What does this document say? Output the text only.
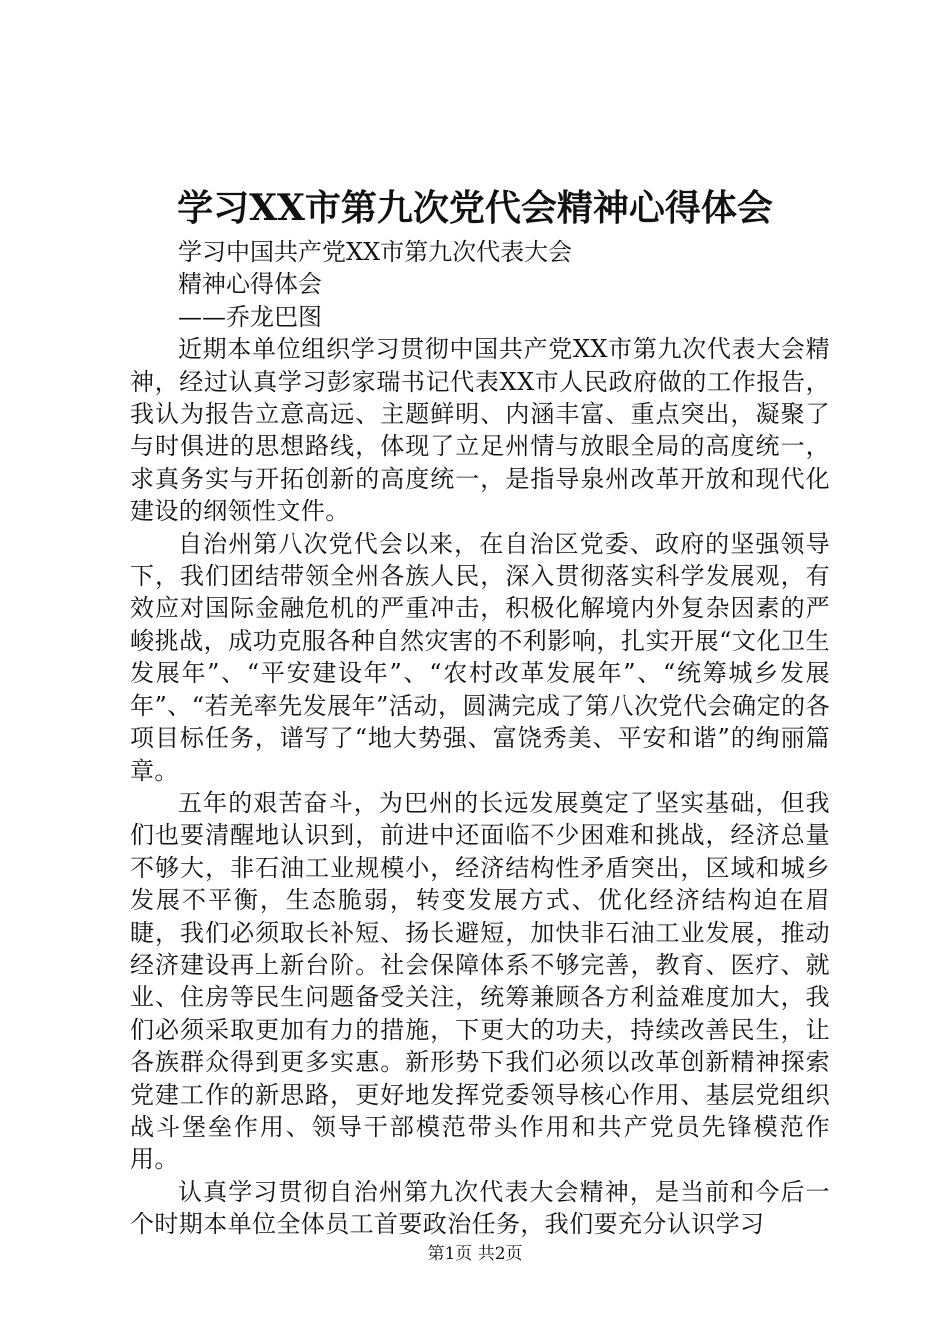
学习XX市第九次党代会精神心得体会

学习中国共产党XX市第九次代表大会

精神心得体会

——乔龙巴图

近期本单位组织学习贯彻中国共产党XX市第九次代表大会精神，经过认真学习彭家瑞书记代表XX市人民政府做的工作报告，我认为报告立意高远、主题鲜明、内涵丰富、重点突出，凝聚了与时俱进的思想路线，体现了立足州情与放眼全局的高度统一，求真务实与开拓创新的高度统一，是指导泉州改革开放和现代化建设的纲领性文件。

自治州第八次党代会以来，在自治区党委、政府的坚强领导下，我们团结带领全州各族人民，深入贯彻落实科学发展观，有效应对国际金融危机的严重冲击，积极化解境内外复杂因素的严峻挑战，成功克服各种自然灾害的不利影响，扎实开展“文化卫生发展年”、“平安建设年”、“农村改革发展年”、“统筹城乡发展年”、“若羌率先发展年”活动，圆满完成了第八次党代会确定的各项目标任务，谱写了“地大势强、富饶秀美、平安和谐”的绚丽篇章。

五年的艰苦奋斗，为巴州的长远发展奠定了坚实基础，但我们也要清醒地认识到，前进中还面临不少困难和挑战，经济总量不够大，非石油工业规模小，经济结构性矛盾突出，区域和城乡发展不平衡，生态脆弱，转变发展方式、优化经济结构迫在眉睫，我们必须取长补短、扬长避短，加快非石油工业发展，推动经济建设再上新台阶。社会保障体系不够完善，教育、医疗、就业、住房等民生问题备受关注，统筹兼顾各方利益难度加大，我们必须采取更加有力的措施，下更大的功夫，持续改善民生，让各族群众得到更多实惠。新形势下我们必须以改革创新精神探索党建工作的新思路，更好地发挥党委领导核心作用、基层党组织战斗堡垒作用、领导干部模范带头作用和共产党员先锋模范作用。

认真学习贯彻自治州第九次代表大会精神，是当前和今后一个时期本单位全体员工首要政治任务，我们要充分认识学习

第1页 共2页
